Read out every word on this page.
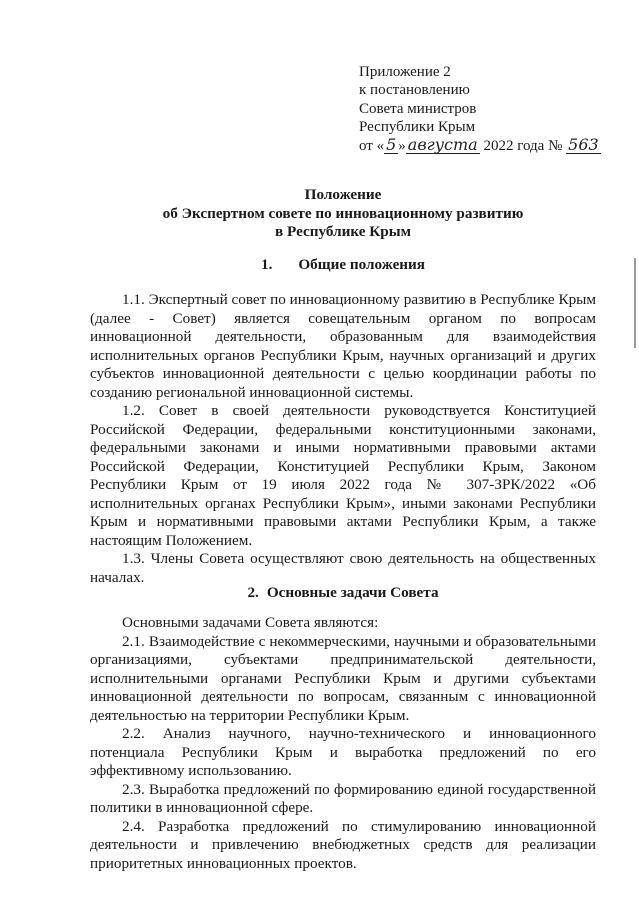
Приложение 2
к постановлению
Совета министров
Республики Крым
от « 5 » августа 2022 года № 563
Положение
об Экспертном совете по инновационному развитию
в Республике Крым
1. Общие положения

1.1. Экспертный совет по инновационному развитию в Республике Крым (далее - Совет) является совещательным органом по вопросам инновационной деятельности, образованным для взаимодействия исполнительных органов Республики Крым, научных организаций и других субъектов инновационной деятельности с целью координации работы по созданию региональной инновационной системы.

1.2. Совет в своей деятельности руководствуется Конституцией Российской Федерации, федеральными конституционными законами, федеральными законами и иными нормативными правовыми актами Российской Федерации, Конституцией Республики Крым, Законом Республики Крым от 19 июля 2022 года № 307-ЗРК/2022 «Об исполнительных органах Республики Крым», иными законами Республики Крым и нормативными правовыми актами Республики Крым, а также настоящим Положением.

1.3. Члены Совета осуществляют свою деятельность на общественных началах.

2. Основные задачи Совета

Основными задачами Совета являются:

2.1. Взаимодействие с некоммерческими, научными и образовательными организациями, субъектами предпринимательской деятельности, исполнительными органами Республики Крым и другими субъектами инновационной деятельности по вопросам, связанным с инновационной деятельностью на территории Республики Крым.

2.2. Анализ научного, научно-технического и инновационного потенциала Республики Крым и выработка предложений по его эффективному использованию.

2.3. Выработка предложений по формированию единой государственной политики в инновационной сфере.

2.4. Разработка предложений по стимулированию инновационной деятельности и привлечению внебюджетных средств для реализации приоритетных инновационных проектов.
